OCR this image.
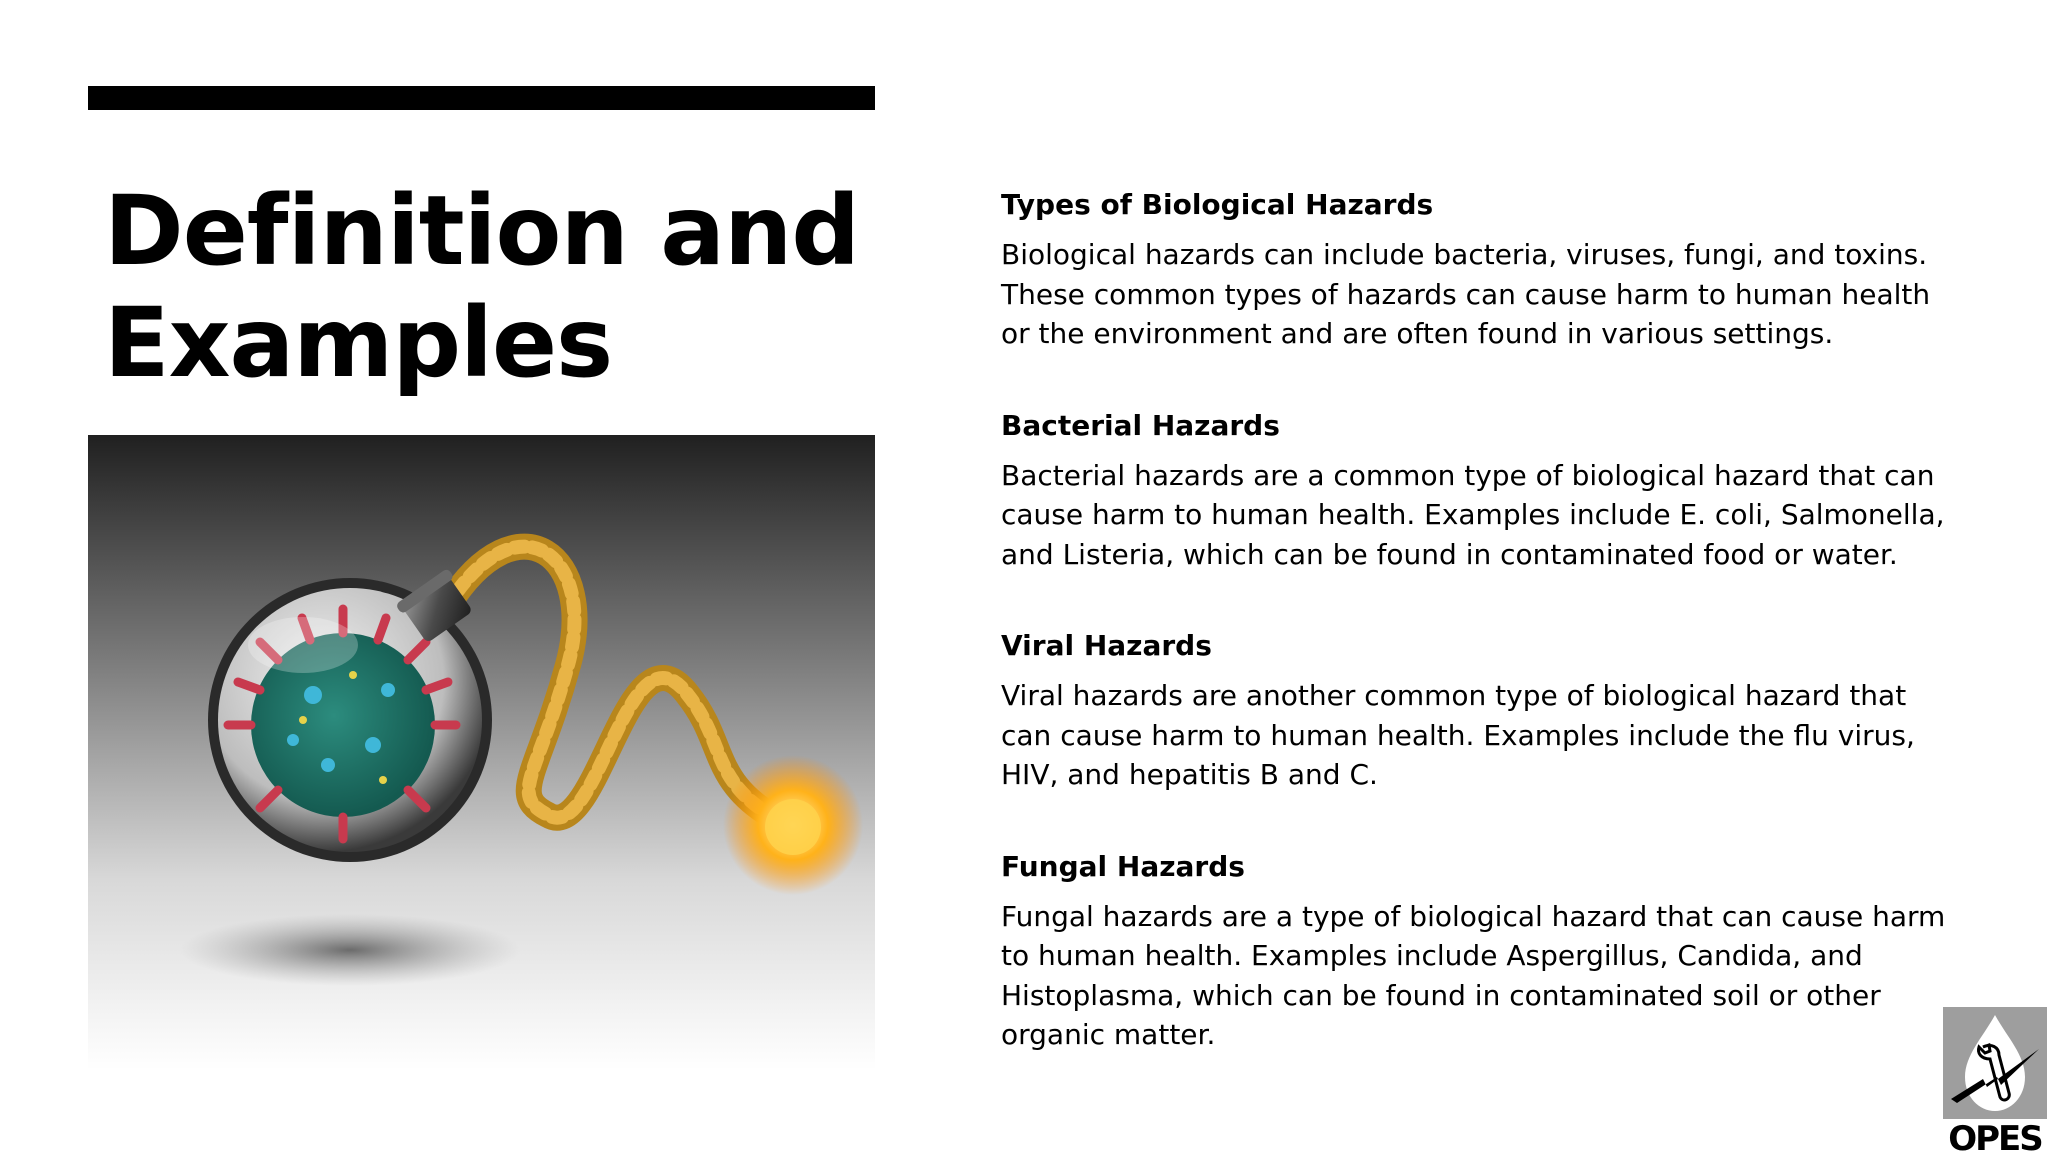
Definition and
Examples
Types of Biological Hazards

Biological hazards can include bacteria, viruses, fungi, and toxins. These common types of hazards can cause harm to human health or the environment and are often found in various settings.

Bacterial Hazards

Bacterial hazards are a common type of biological hazard that can cause harm to human health. Examples include E. coli, Salmonella, and Listeria, which can be found in contaminated food or water.

Viral Hazards

Viral hazards are another common type of biological hazard that can cause harm to human health. Examples include the flu virus, HIV, and hepatitis B and C.

Fungal Hazards

Fungal hazards are a type of biological hazard that can cause harm to human health. Examples include Aspergillus, Candida, and Histoplasma, which can be found in contaminated soil or other organic matter.

OPES
